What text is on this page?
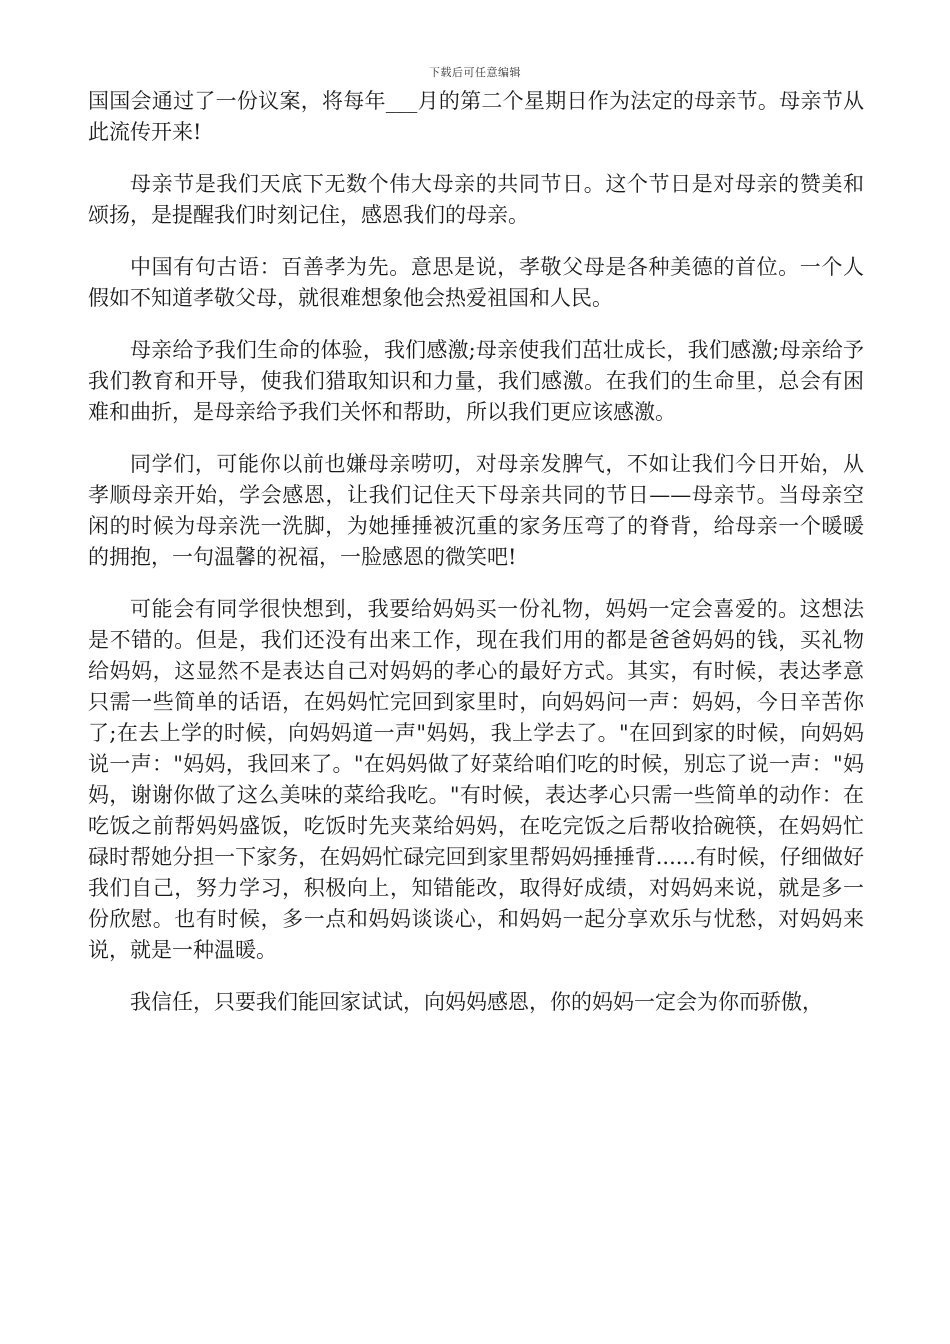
下载后可任意编辑

国国会通过了一份议案，将每年___月的第二个星期日作为法定的母亲节。母亲节从此流传开来!

母亲节是我们天底下无数个伟大母亲的共同节日。这个节日是对母亲的赞美和颂扬，是提醒我们时刻记住，感恩我们的母亲。

中国有句古语：百善孝为先。意思是说，孝敬父母是各种美德的首位。一个人假如不知道孝敬父母，就很难想象他会热爱祖国和人民。

母亲给予我们生命的体验，我们感激;母亲使我们茁壮成长，我们感激;母亲给予我们教育和开导，使我们猎取知识和力量，我们感激。在我们的生命里，总会有困难和曲折，是母亲给予我们关怀和帮助，所以我们更应该感激。

同学们，可能你以前也嫌母亲唠叨，对母亲发脾气，不如让我们今日开始，从孝顺母亲开始，学会感恩，让我们记住天下母亲共同的节日——母亲节。当母亲空闲的时候为母亲洗一洗脚，为她捶捶被沉重的家务压弯了的脊背，给母亲一个暖暖的拥抱，一句温馨的祝福，一脸感恩的微笑吧!

可能会有同学很快想到，我要给妈妈买一份礼物，妈妈一定会喜爱的。这想法是不错的。但是，我们还没有出来工作，现在我们用的都是爸爸妈妈的钱，买礼物给妈妈，这显然不是表达自己对妈妈的孝心的最好方式。其实，有时候，表达孝意只需一些简单的话语，在妈妈忙完回到家里时，向妈妈问一声：妈妈，今日辛苦你了;在去上学的时候，向妈妈道一声"妈妈，我上学去了。"在回到家的时候，向妈妈说一声："妈妈，我回来了。"在妈妈做了好菜给咱们吃的时候，别忘了说一声："妈妈，谢谢你做了这么美味的菜给我吃。"有时候，表达孝心只需一些简单的动作：在吃饭之前帮妈妈盛饭，吃饭时先夹菜给妈妈，在吃完饭之后帮收拾碗筷，在妈妈忙碌时帮她分担一下家务，在妈妈忙碌完回到家里帮妈妈捶捶背......有时候，仔细做好我们自己，努力学习，积极向上，知错能改，取得好成绩，对妈妈来说，就是多一份欣慰。也有时候，多一点和妈妈谈谈心，和妈妈一起分享欢乐与忧愁，对妈妈来说，就是一种温暖。

我信任，只要我们能回家试试，向妈妈感恩，你的妈妈一定会为你而骄傲，
